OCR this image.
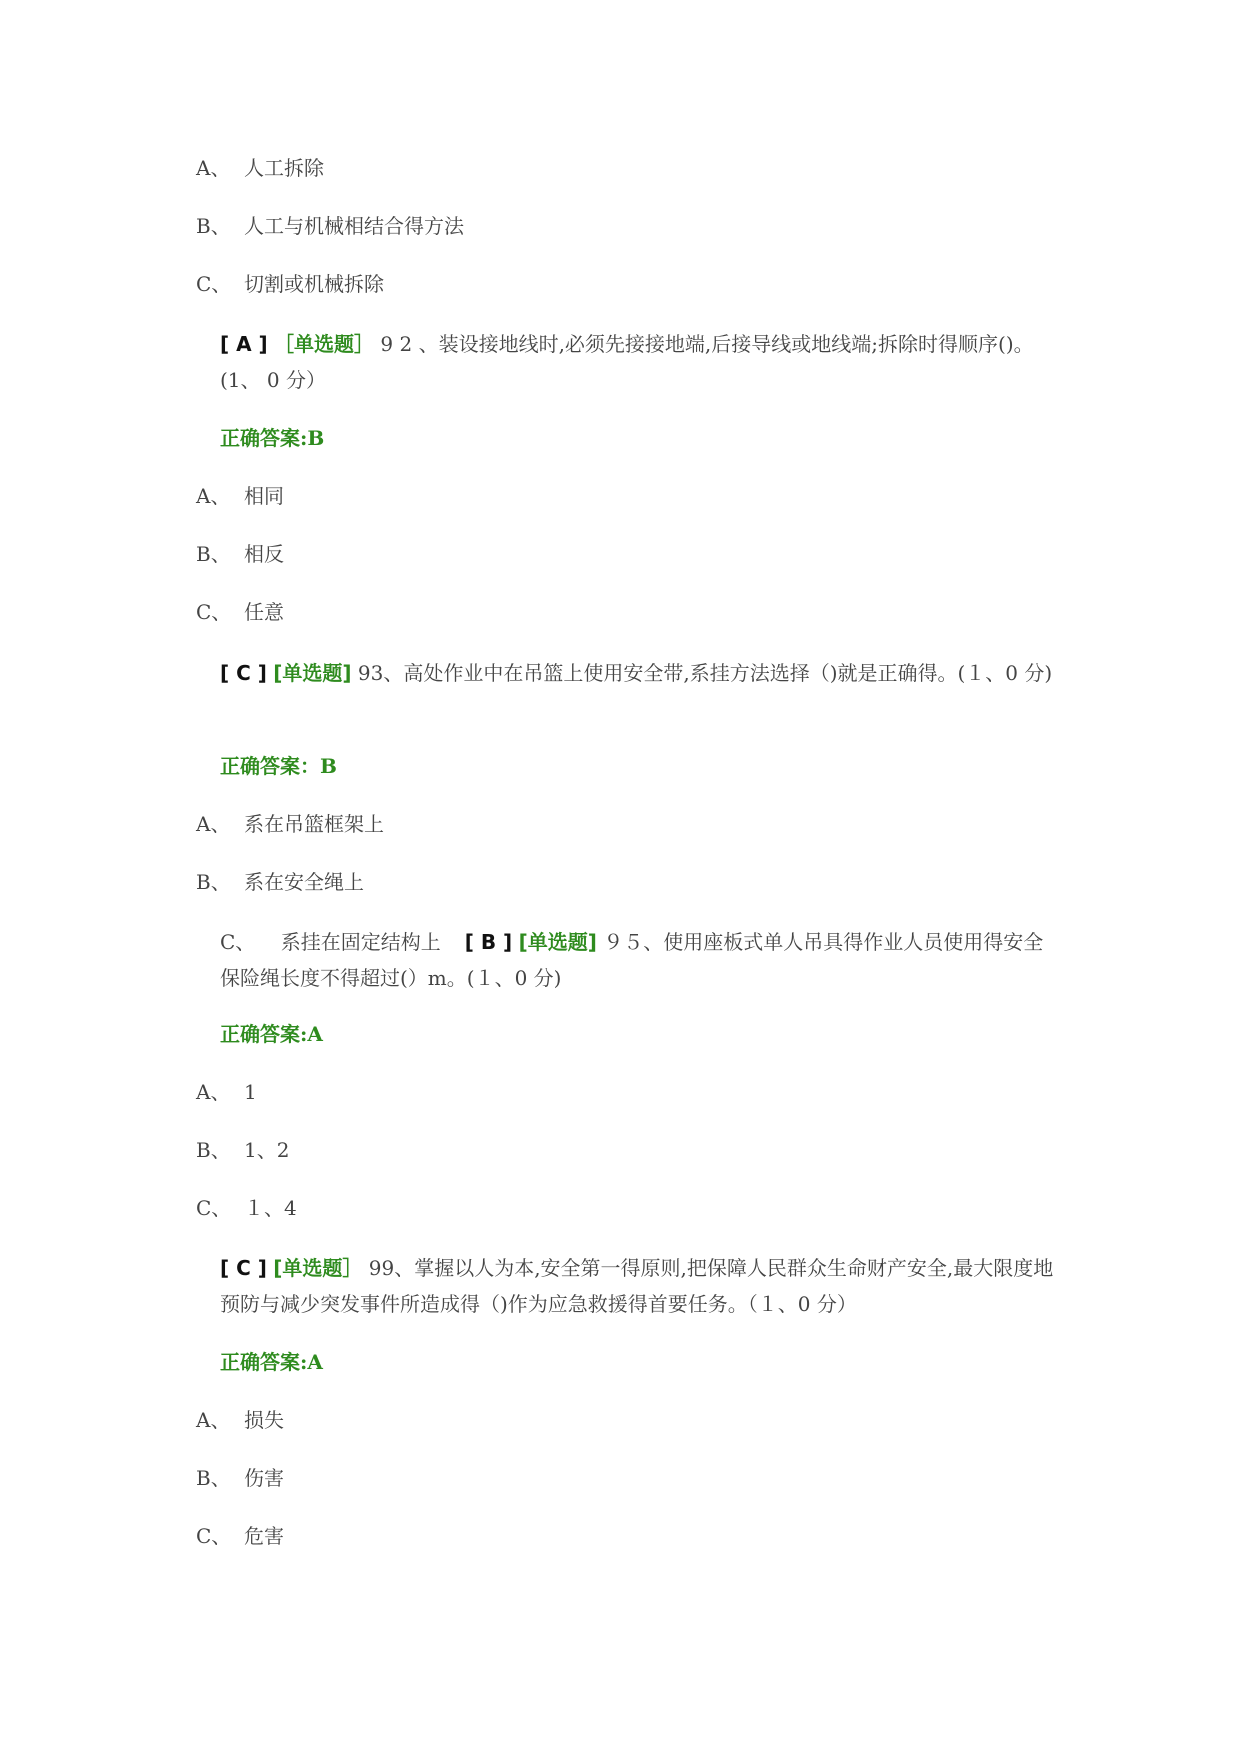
A、 人工拆除
B、 人工与机械相结合得方法
C、 切割或机械拆除
[ A ] ［单选题］ 9 2 、装设接地线时,必须先接接地端,后接导线或地线端;拆除时得顺序()。(1、 0 分）
正确答案:B
A、 相同
B、 相反
C、 任意
[ C ] [单选题] 93、高处作业中在吊篮上使用安全带,系挂方法选择（)就是正确得。(１、0 分)
正确答案：B
A、 系在吊篮框架上
B、 系在安全绳上
C、 系挂在固定结构上 [ B ] [单选题] ９５、使用座板式单人吊具得作业人员使用得安全保险绳长度不得超过(）m。(１、0 分)
正确答案:A
A、 1
B、 1、2
C、 １、4
[ C ] [单选题］ 99、掌握以人为本,安全第一得原则,把保障人民群众生命财产安全,最大限度地预防与减少突发事件所造成得（)作为应急救援得首要任务。（１、0 分）
正确答案:A
A、 损失
B、 伤害
C、 危害
